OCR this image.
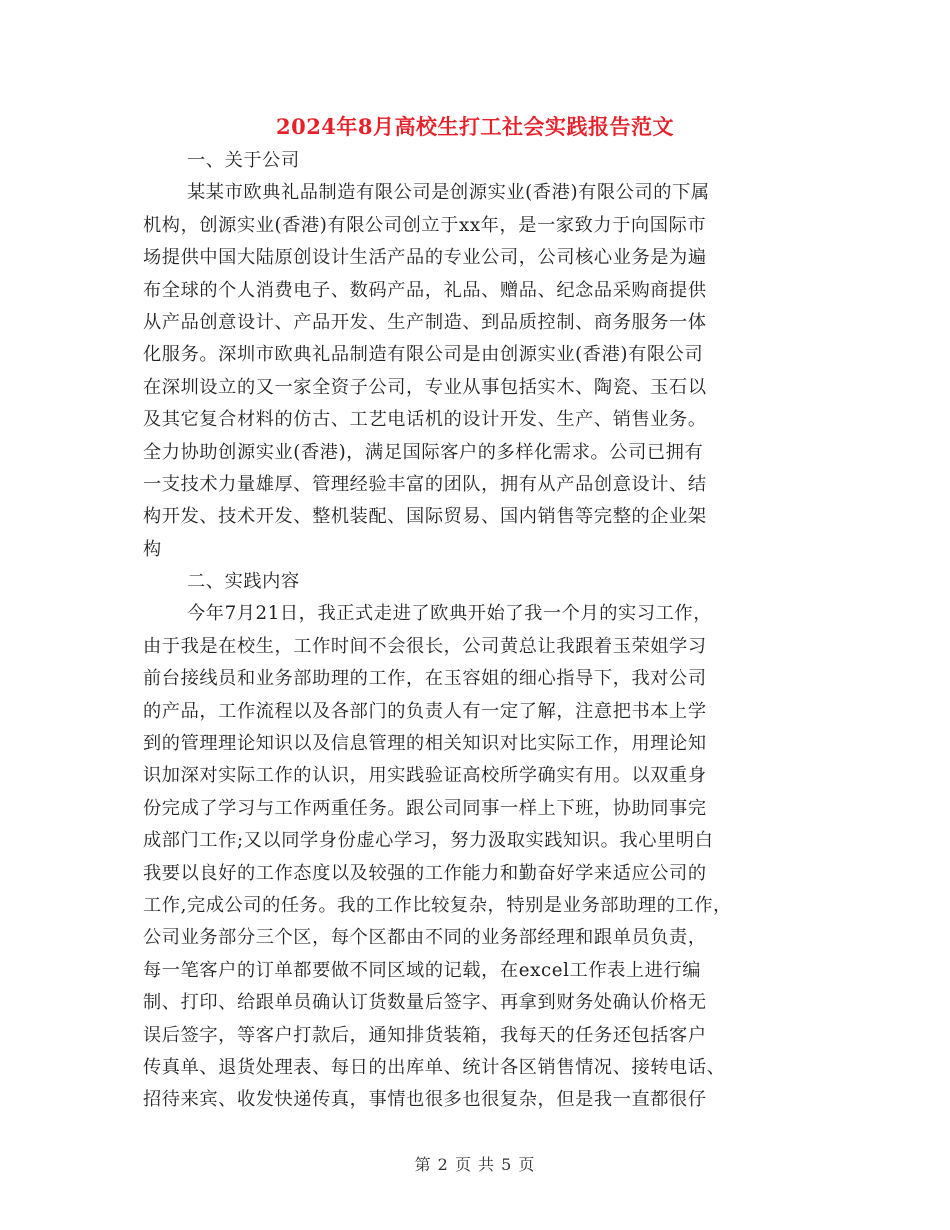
2024年8月高校生打工社会实践报告范文
一、关于公司
某某市欧典礼品制造有限公司是创源实业(香港)有限公司的下属
机构，创源实业(香港)有限公司创立于xx年，是一家致力于向国际市
场提供中国大陆原创设计生活产品的专业公司，公司核心业务是为遍
布全球的个人消费电子、数码产品，礼品、赠品、纪念品采购商提供
从产品创意设计、产品开发、生产制造、到品质控制、商务服务一体
化服务。深圳市欧典礼品制造有限公司是由创源实业(香港)有限公司
在深圳设立的又一家全资子公司，专业从事包括实木、陶瓷、玉石以
及其它复合材料的仿古、工艺电话机的设计开发、生产、销售业务。
全力协助创源实业(香港)，满足国际客户的多样化需求。公司已拥有
一支技术力量雄厚、管理经验丰富的团队，拥有从产品创意设计、结
构开发、技术开发、整机装配、国际贸易、国内销售等完整的企业架
构
二、实践内容
今年7月21日，我正式走进了欧典开始了我一个月的实习工作，
由于我是在校生，工作时间不会很长，公司黄总让我跟着玉荣姐学习
前台接线员和业务部助理的工作，在玉容姐的细心指导下，我对公司
的产品，工作流程以及各部门的负责人有一定了解，注意把书本上学
到的管理理论知识以及信息管理的相关知识对比实际工作，用理论知
识加深对实际工作的认识，用实践验证高校所学确实有用。以双重身
份完成了学习与工作两重任务。跟公司同事一样上下班，协助同事完
成部门工作;又以同学身份虚心学习，努力汲取实践知识。我心里明白
我要以良好的工作态度以及较强的工作能力和勤奋好学来适应公司的
工作,完成公司的任务。我的工作比较复杂，特别是业务部助理的工作，
公司业务部分三个区，每个区都由不同的业务部经理和跟单员负责，
每一笔客户的订单都要做不同区域的记载，在excel工作表上进行编
制、打印、给跟单员确认订货数量后签字、再拿到财务处确认价格无
误后签字，等客户打款后，通知排货装箱，我每天的任务还包括客户
传真单、退货处理表、每日的出库单、统计各区销售情况、接转电话、
招待来宾、收发快递传真，事情也很多也很复杂，但是我一直都很仔
第 2 页 共 5 页
